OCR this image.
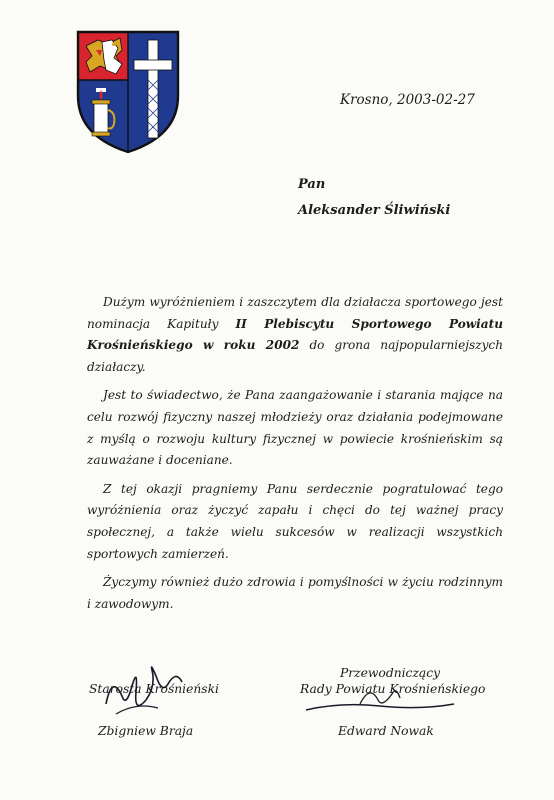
Krosno, 2003-02-27
Pan
Aleksander Śliwiński

Dużym wyróżnieniem i zaszczytem dla działacza sportowego jest nominacja Kapituły II Plebiscytu Sportowego Powiatu Krośnieńskiego w roku 2002 do grona najpopularniejszych działaczy.

Jest to świadectwo, że Pana zaangażowanie i starania mające na celu rozwój fizyczny naszej młodzieży oraz działania podejmowane z myślą o rozwoju kultury fizycznej w powiecie krośnieńskim są zauważane i doceniane.

Z tej okazji pragniemy Panu serdecznie pogratulować tego wyróżnienia oraz życzyć zapału i chęci do tej ważnej pracy społecznej, a także wielu sukcesów w realizacji wszystkich sportowych zamierzeń.

Życzymy również dużo zdrowia i pomyślności w życiu rodzinnym i zawodowym.

Starosta Krośnieński
Zbigniew Braja
Przewodniczący
Rady Powiatu Krośnieńskiego
Edward Nowak
